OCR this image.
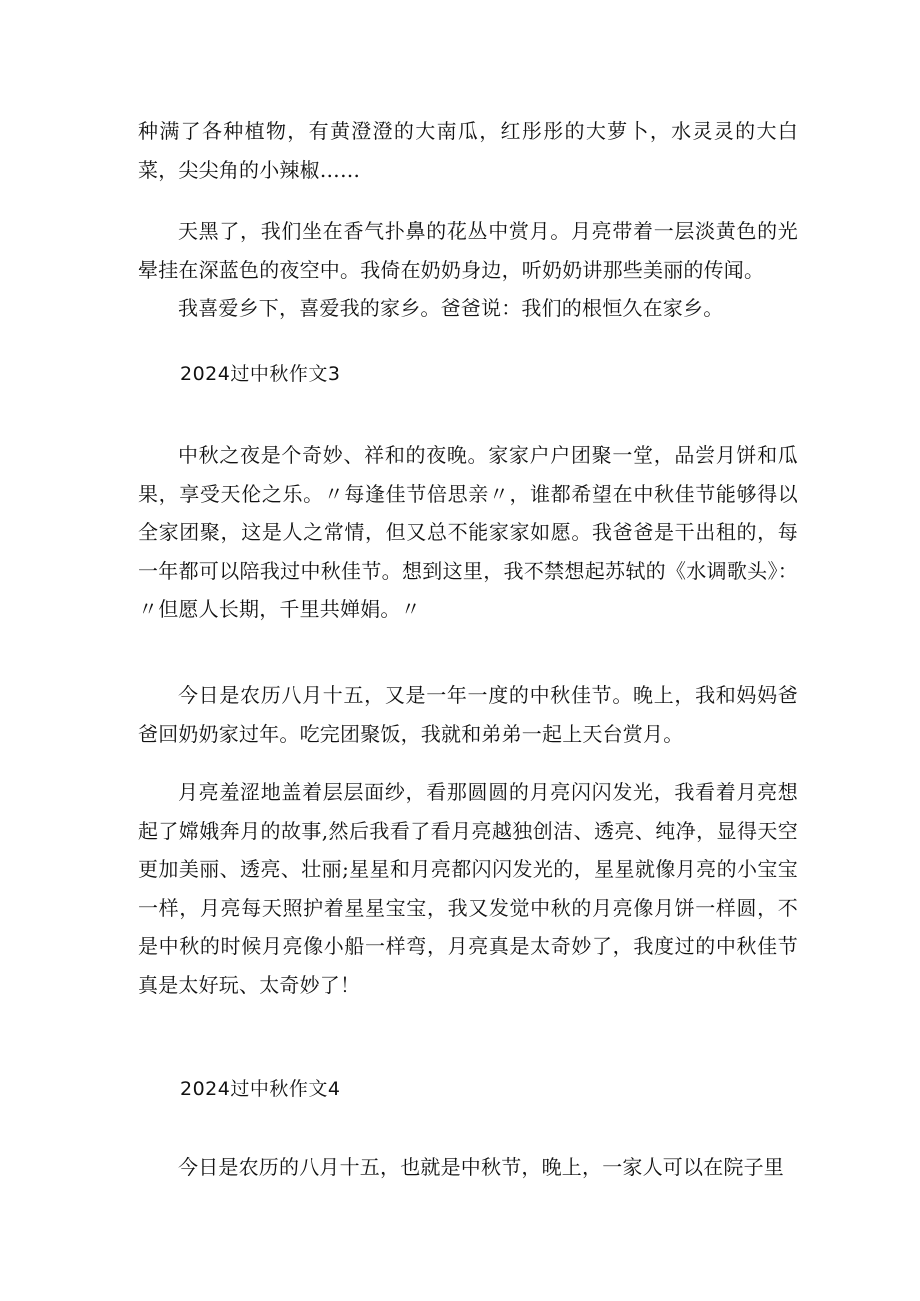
种满了各种植物，有黄澄澄的大南瓜，红彤彤的大萝卜，水灵灵的大白菜，尖尖角的小辣椒……

天黑了，我们坐在香气扑鼻的花丛中赏月。月亮带着一层淡黄色的光晕挂在深蓝色的夜空中。我倚在奶奶身边，听奶奶讲那些美丽的传闻。

我喜爱乡下，喜爱我的家乡。爸爸说：我们的根恒久在家乡。

2024过中秋作文3

中秋之夜是个奇妙、祥和的夜晚。家家户户团聚一堂，品尝月饼和瓜果，享受天伦之乐。〃每逢佳节倍思亲〃，谁都希望在中秋佳节能够得以全家团聚，这是人之常情，但又总不能家家如愿。我爸爸是干出租的，每一年都可以陪我过中秋佳节。想到这里，我不禁想起苏轼的《水调歌头》：〃但愿人长期，千里共婵娟。〃

今日是农历八月十五，又是一年一度的中秋佳节。晚上，我和妈妈爸爸回奶奶家过年。吃完团聚饭，我就和弟弟一起上天台赏月。

月亮羞涩地盖着层层面纱，看那圆圆的月亮闪闪发光，我看着月亮想起了嫦娥奔月的故事,然后我看了看月亮越独创洁、透亮、纯净，显得天空更加美丽、透亮、壮丽;星星和月亮都闪闪发光的，星星就像月亮的小宝宝一样，月亮每天照护着星星宝宝，我又发觉中秋的月亮像月饼一样圆，不是中秋的时候月亮像小船一样弯，月亮真是太奇妙了，我度过的中秋佳节真是太好玩、太奇妙了！

2024过中秋作文4

今日是农历的八月十五，也就是中秋节，晚上，一家人可以在院子里
